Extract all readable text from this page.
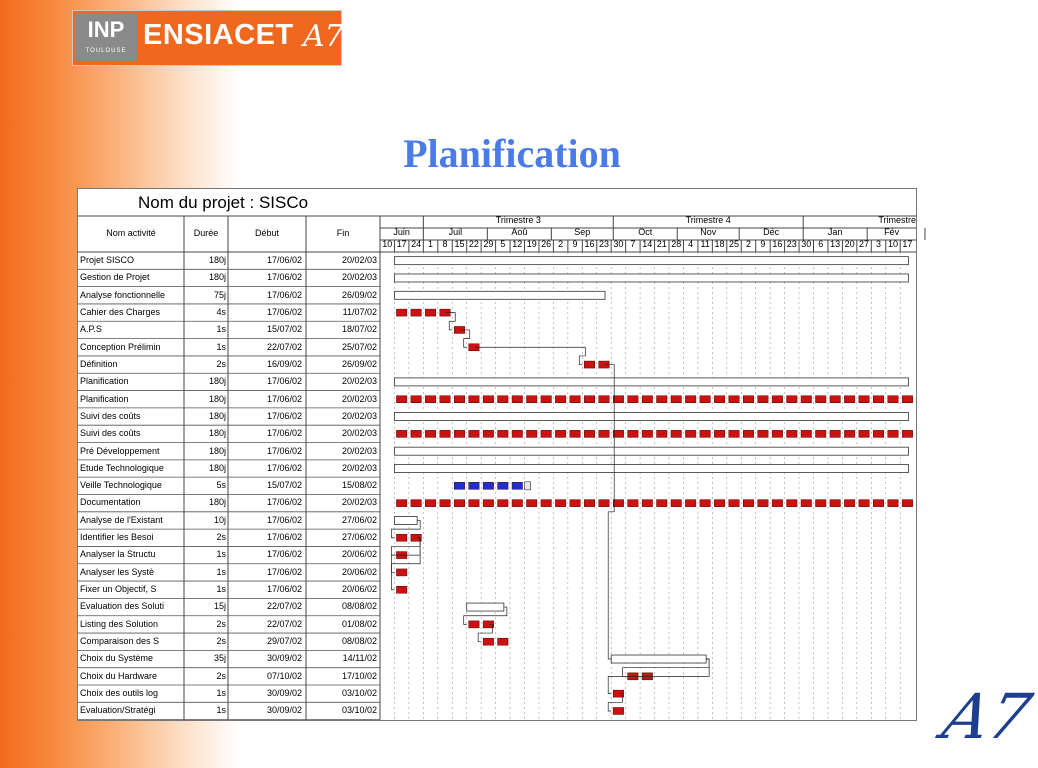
INP
TOULOUSE ENSIACET A7
Planification
Nom du projet : SISCo
Nom activité	Durée	Début	Fin
Trimestre 3	Trimestre 4	Trimestre
Juin	Juil	Aoû	Sep	Oct	Nov	Déc	Jan	Fév
10 17 24 1	8 15 22 29 5 12 19 26 2	9 16 23 30 7 14 21 28 4 11 18 25 2	9 16 23 30 6 13 20 27 3 10 17
Projet SISCO	180j	17/06/02	20/02/03
Gestion de Projet	180j	17/06/02	20/02/03
Analyse fonctionnelle	75j	17/06/02	26/09/02
Cahier des Charges	4s	17/06/02	11/07/02
A.P.S	1s	15/07/02	18/07/02
Conception Prélimin	1s	22/07/02	25/07/02
Définition	2s	16/09/02	26/09/02
Planification	180j	17/06/02	20/02/03
Planification	180j	17/06/02	20/02/03
Suivi des coûts	180j	17/06/02	20/02/03
Suivi des coûts	180j	17/06/02	20/02/03
Pré Développement	180j	17/06/02	20/02/03
Etude Technologique	180j	17/06/02	20/02/03
Veille Technologique	5s	15/07/02	15/08/02
Documentation	180j	17/06/02	20/02/03
Analyse de l'Existant	10j	17/06/02	27/06/02
Identifier les Besoi	2s	17/06/02	27/06/02
Analyser la Structu	1s	17/06/02	20/06/02
Analyser les Systè	1s	17/06/02	20/06/02
Fixer un Objectif, S	1s	17/06/02	20/06/02
Evaluation des Soluti	15j	22/07/02	08/08/02
Listing des Solution	2s	22/07/02	01/08/02
Comparaison des S	2s	29/07/02	08/08/02
Choix du Système	35j	30/09/02	14/11/02
Choix du Hardware	2s	07/10/02	17/10/02
Choix des outils log	1s	30/09/02	03/10/02
Evaluation/Stratégi	1s	30/09/02	03/10/02	A7
